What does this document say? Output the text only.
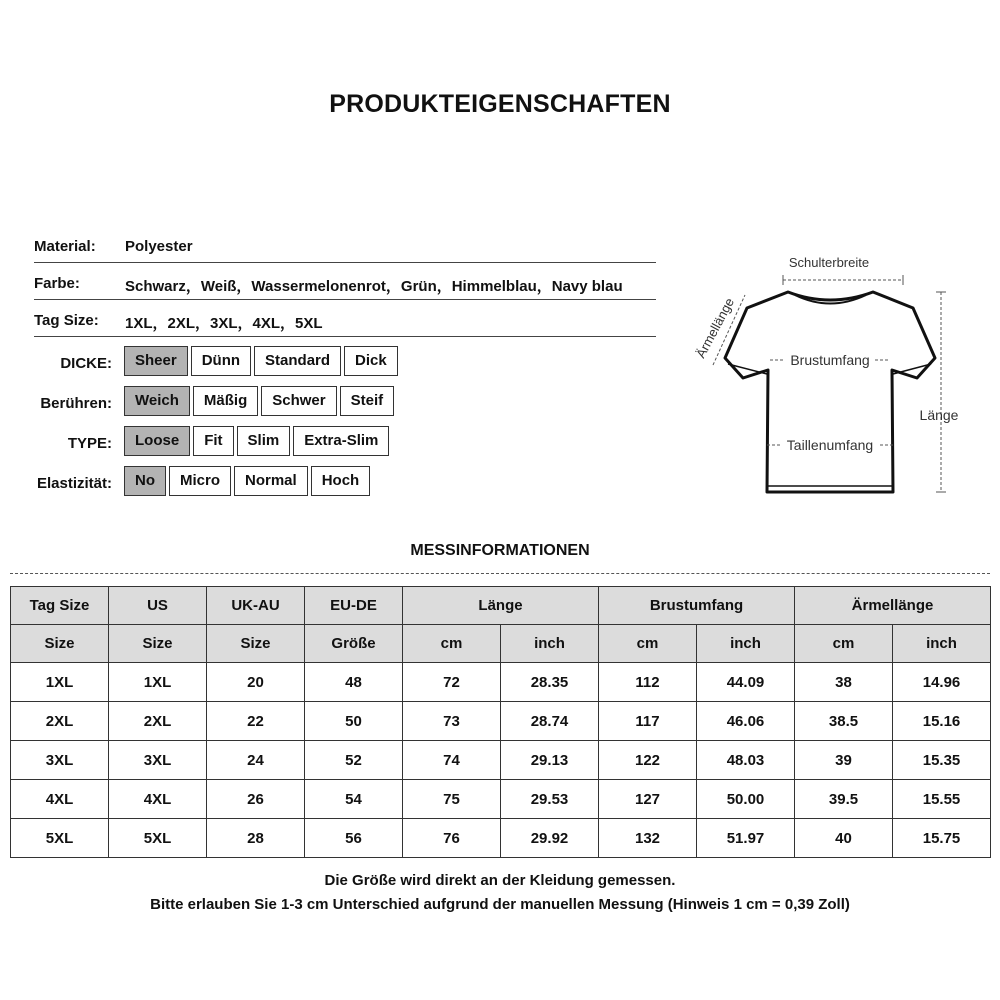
PRODUKTEIGENSCHAFTEN
Material: Polyester
Farbe:	Schwarz，Weiß，Wassermelonenrot，Grün，Himmelblau，Navy blau
Tag Size: 1XL，2XL，3XL，4XL，5XL
DICKE:	Sheer	Dünn	Standard	Dick
Berühren:	Weich	Mäßig	Schwer	Steif
TYPE:	Loose	Fit	Slim	Extra-Slim
Elastizität:	No	Micro	Normal	Hoch
Schulterbreite
Ärmellänge	Brustumfang
Länge
Taillenumfang
MESSINFORMATIONEN
Tag Size	US	UK-AU	EU-DE	Länge		Brustumfang		Ärmellänge	
Size	Size	Size	Größe	cm	inch	cm	inch	cm	inch
1XL	1XL	20	48	72	28.35	112	44.09	38	14.96
2XL	2XL	22	50	73	28.74	117	46.06	38.5	15.16
3XL	3XL	24	52	74	29.13	122	48.03	39	15.35
4XL	4XL	26	54	75	29.53	127	50.00	39.5	15.55
5XL	5XL	28	56	76	29.92	132	51.97	40	15.75
Die Größe wird direkt an der Kleidung gemessen.
Bitte erlauben Sie 1-3 cm Unterschied aufgrund der manuellen Messung (Hinweis 1 cm = 0,39 Zoll)
